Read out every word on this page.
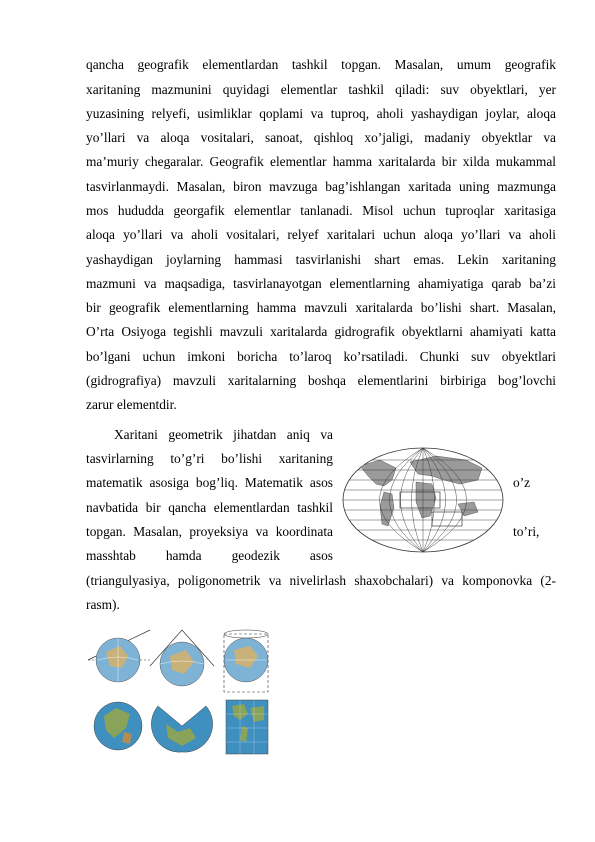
qancha geografik elementlardan tashkil topgan. Masalan, umum geografik
xaritaning mazmunini quyidagi elementlar tashkil qiladi: suv obyektlari, yer
yuzasining relyefi, usimliklar qoplami va tuproq, aholi yashaydigan joylar, aloqa
yo’llari va aloqa vositalari, sanoat, qishloq xo’jaligi, madaniy obyektlar va
ma’muriy chegaralar. Geografik elementlar hamma xaritalarda bir xilda mukammal
tasvirlanmaydi. Masalan, biron mavzuga bag’ishlangan xaritada uning mazmunga
mos hududda georgafik elementlar tanlanadi. Misol uchun tuproqlar xaritasiga
aloqa yo’llari va aholi vositalari, relyef xaritalari uchun aloqa yo’llari va aholi
yashaydigan joylarning hammasi tasvirlanishi shart emas. Lekin xaritaning
mazmuni va maqsadiga, tasvirlanayotgan elementlarning ahamiyatiga qarab ba’zi
bir geografik elementlarning hamma mavzuli xaritalarda bo’lishi shart. Masalan,
O’rta Osiyoga tegishli mavzuli xaritalarda gidrografik obyektlarni ahamiyati katta
bo’lgani uchun imkoni boricha to’laroq ko’rsatiladi. Chunki suv obyektlari
(gidrografiya) mavzuli xaritalarning boshqa elementlarini birbiriga bog’lovchi
zarur elementdir.
Xaritani geometrik jihatdan aniq va
tasvirlarning to’g’ri bo’lishi xaritaning
matematik asosiga bog’liq. Matematik asos
navbatida bir qancha elementlardan tashkil
topgan. Masalan, proyeksiya va koordinata
masshtab hamda geodezik asos
o’z
to’ri,
(triangulyasiya, poligonometrik va nivelirlash shaxobchalari) va komponovka (2-
rasm).
